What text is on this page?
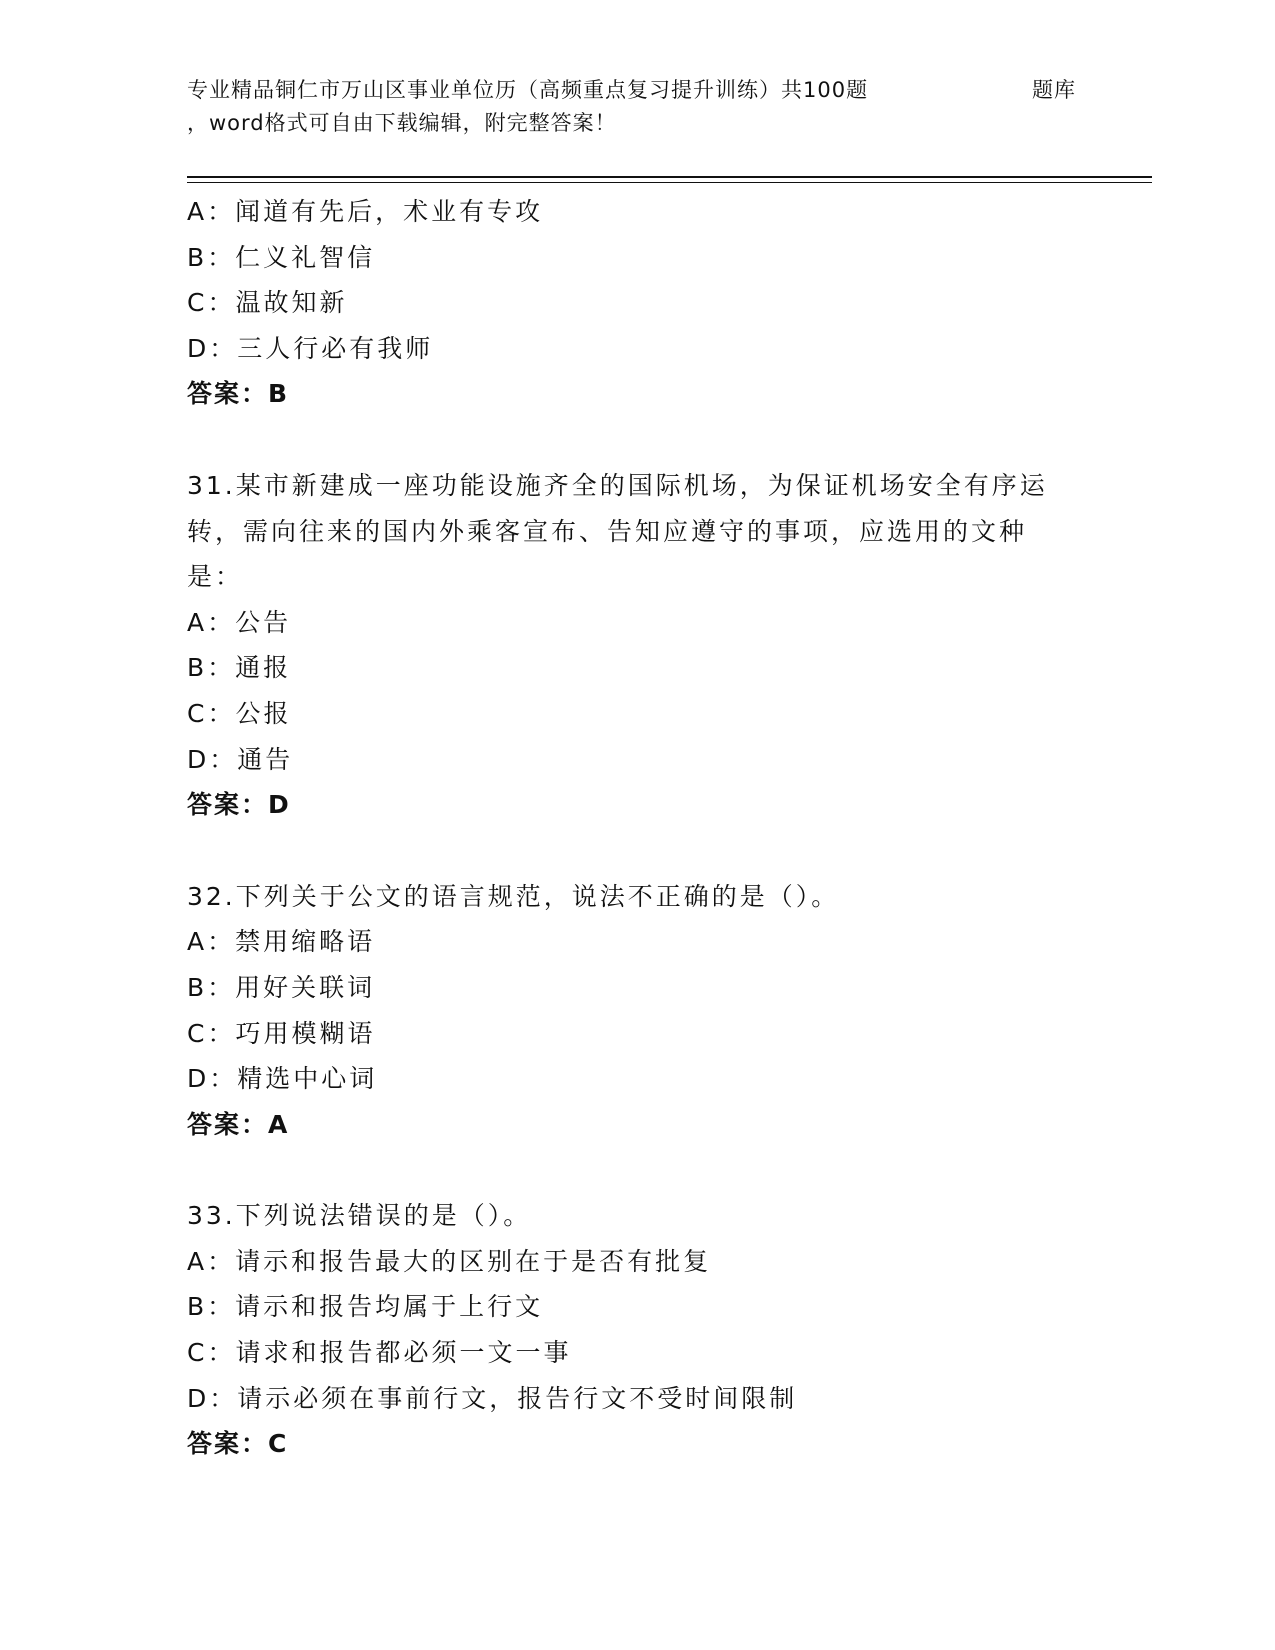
专业精品铜仁市万山区事业单位历（高频重点复习提升训练）共100题	题库
，word格式可自由下载编辑，附完整答案！
A：闻道有先后，术业有专攻
B：仁义礼智信
C：温故知新
D：三人行必有我师
答案：B
31.某市新建成一座功能设施齐全的国际机场，为保证机场安全有序运
转，需向往来的国内外乘客宣布、告知应遵守的事项，应选用的文种
是：
A：公告
B：通报
C：公报
D：通告
答案：D
32.下列关于公文的语言规范，说法不正确的是（）。
A：禁用缩略语
B：用好关联词
C：巧用模糊语
D：精选中心词
答案：A
33.下列说法错误的是（）。
A：请示和报告最大的区别在于是否有批复
B：请示和报告均属于上行文
C：请求和报告都必须一文一事
D：请示必须在事前行文，报告行文不受时间限制
答案：C
